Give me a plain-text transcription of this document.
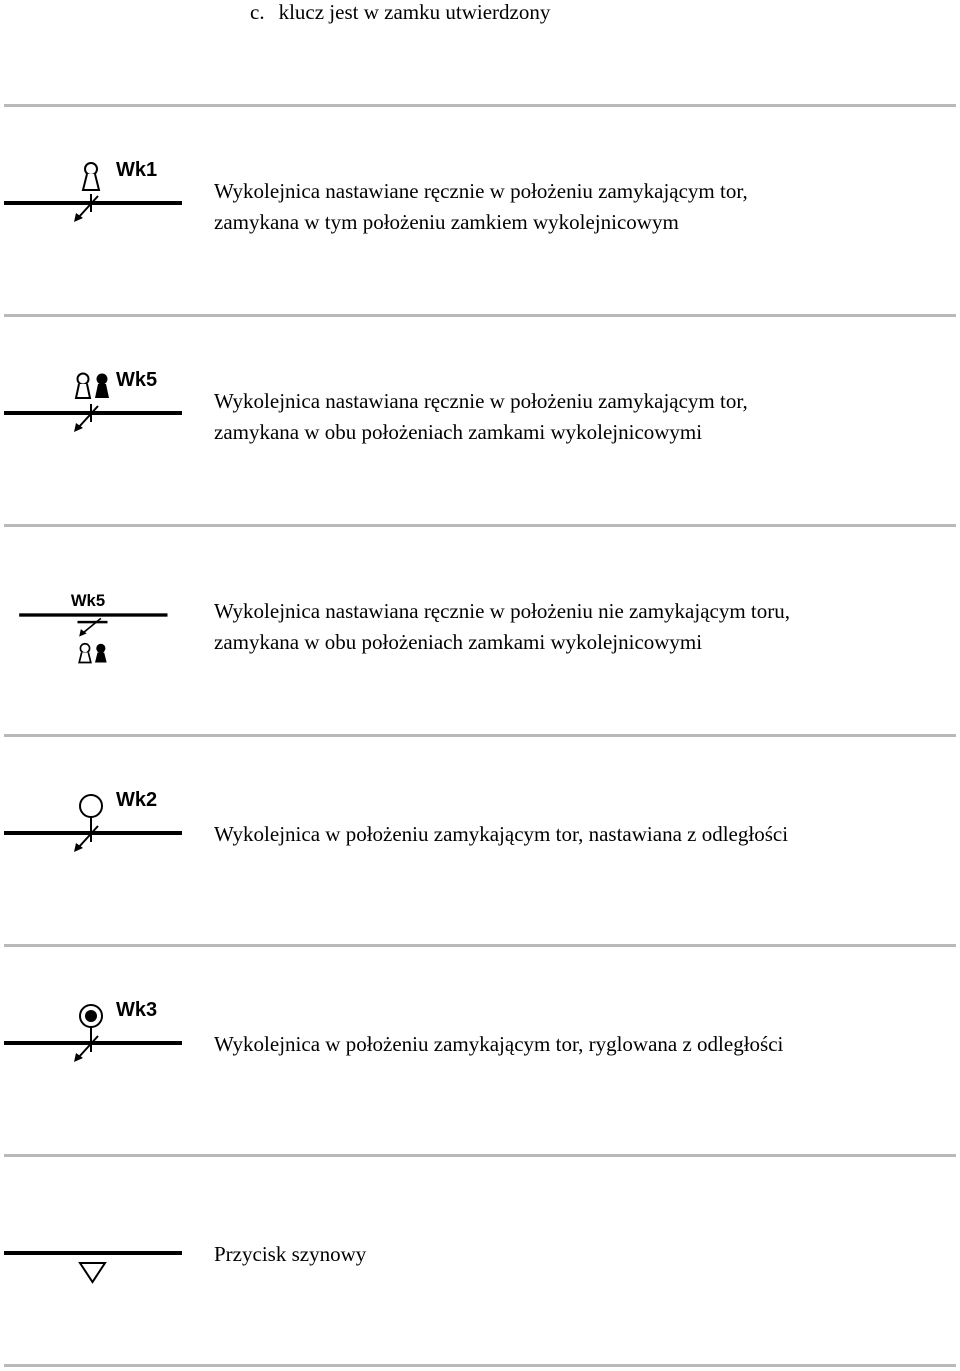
c. klucz jest w zamku utwierdzony
Wk1
Wykolejnica nastawiane ręcznie w położeniu zamykającym tor,
zamykana w tym położeniu zamkiem wykolejnicowym
Wk5
Wykolejnica nastawiana ręcznie w położeniu zamykającym tor,
zamykana w obu położeniach zamkami wykolejnicowymi
Wk5	Wykolejnica nastawiana ręcznie w położeniu nie zamykającym toru,
zamykana w obu położeniach zamkami wykolejnicowymi
Wk2
Wykolejnica w położeniu zamykającym tor, nastawiana z odległości
Wk3
Wykolejnica w położeniu zamykającym tor, ryglowana z odległości
Przycisk szynowy
